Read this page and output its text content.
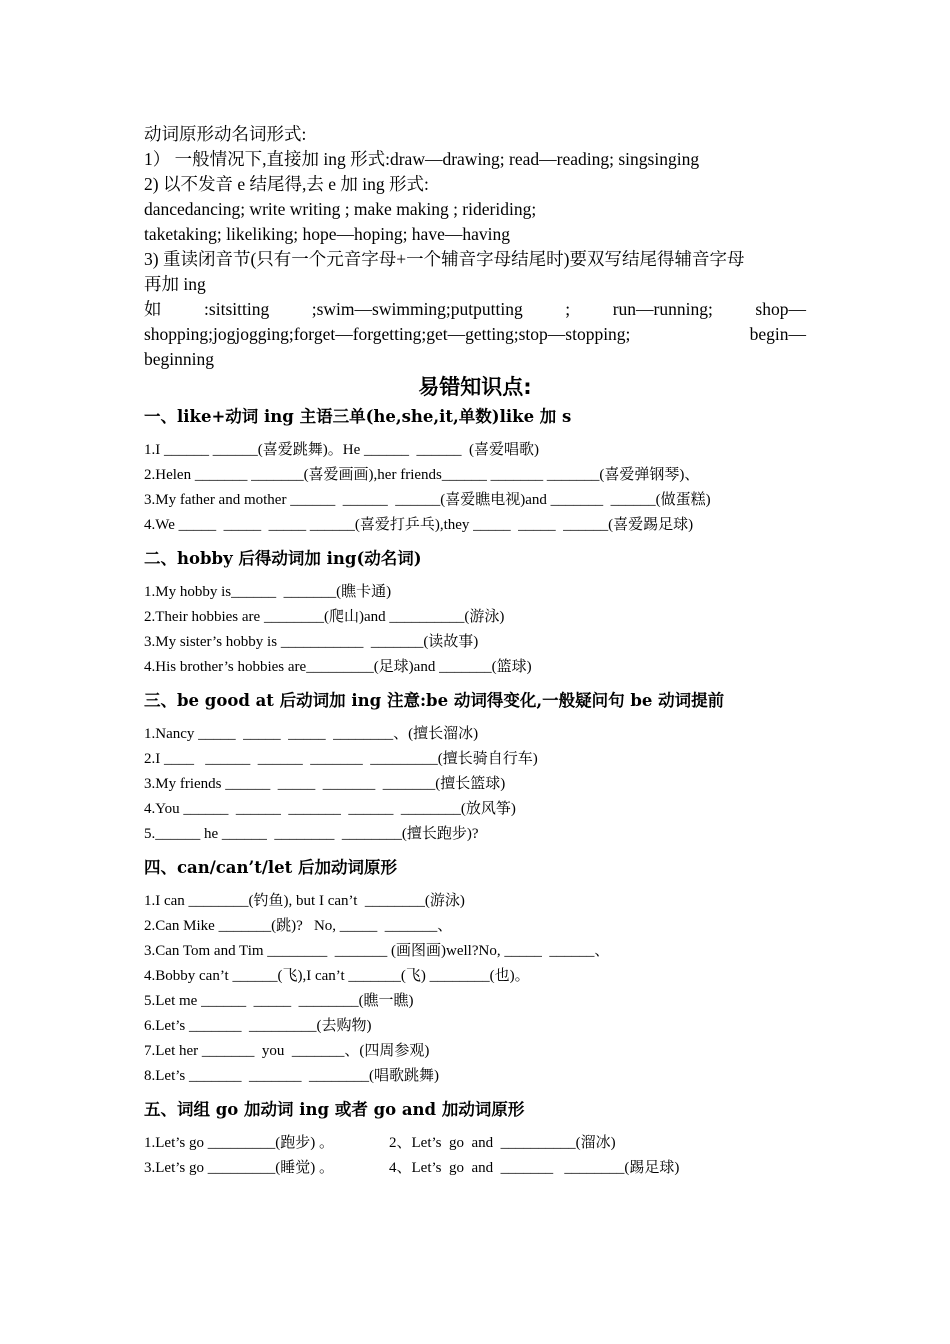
动词原形动名词形式:
1） 一般情况下,直接加 ing 形式:draw—drawing; read—reading; singsinging
2) 以不发音 e 结尾得,去 e 加 ing 形式:
dancedancing; write writing ; make making ; rideriding;
taketaking; likeliking; hope—hoping; have—having
3) 重读闭音节(只有一个元音字母+一个辅音字母结尾时)要双写结尾得辅音字母
再加 ing
如 :sitsitting ;swim—swimming;putputting ; run—running; shop—
shopping;jogjogging;forget—forgetting;get—getting;stop—stopping;	begin—
beginning
易错知识点:
一、like+动词 ing 主语三单(he,she,it,单数)like 加 s
1.I ______ ______(喜爱跳舞)。He ______  ______  (喜爱唱歌)
2.Helen _______ _______(喜爱画画),her friends______ _______ _______(喜爱弹钢琴)、
3.My father and mother ______  ______  ______(喜爱瞧电视)and _______  ______(做蛋糕)
4.We _____  _____  _____ ______(喜爱打乒乓),they _____  _____  ______(喜爱踢足球)
二、hobby 后得动词加 ing(动名词)
1.My hobby is______  _______(瞧卡通)
2.Their hobbies are ________(爬山)and __________(游泳)
3.My sister’s hobby is ___________  _______(读故事)
4.His brother’s hobbies are_________(足球)and _______(篮球)
三、be good at 后动词加 ing 注意:be 动词得变化,一般疑问句 be 动词提前
1.Nancy _____  _____  _____  ________、(擅长溜冰)
2.I ____   ______  ______  _______  _________(擅长骑自行车)
3.My friends ______  _____  _______  _______(擅长篮球)
4.You ______  ______  _______  ______  ________(放风筝)
5.______ he ______  ________  ________(擅长跑步)?
四、can/can’t/let 后加动词原形
1.I can ________(钓鱼), but I can’t  ________(游泳)
2.Can Mike _______(跳)?   No, _____  _______、
3.Can Tom and Tim ________  _______ (画图画)well?No, _____  ______、
4.Bobby can’t ______(飞),I can’t _______(飞) ________(也)。
5.Let me ______  _____  ________(瞧一瞧)
6.Let’s _______  _________(去购物)
7.Let her _______  you  _______、(四周参观)
8.Let’s _______  _______  ________(唱歌跳舞)
五、词组 go 加动词 ing 或者 go and 加动词原形
1.Let’s go _________(跑步) 。	2、Let’s  go  and  __________(溜冰)
3.Let’s go _________(睡觉) 。	4、Let’s  go  and  _______   ________(踢足球)
